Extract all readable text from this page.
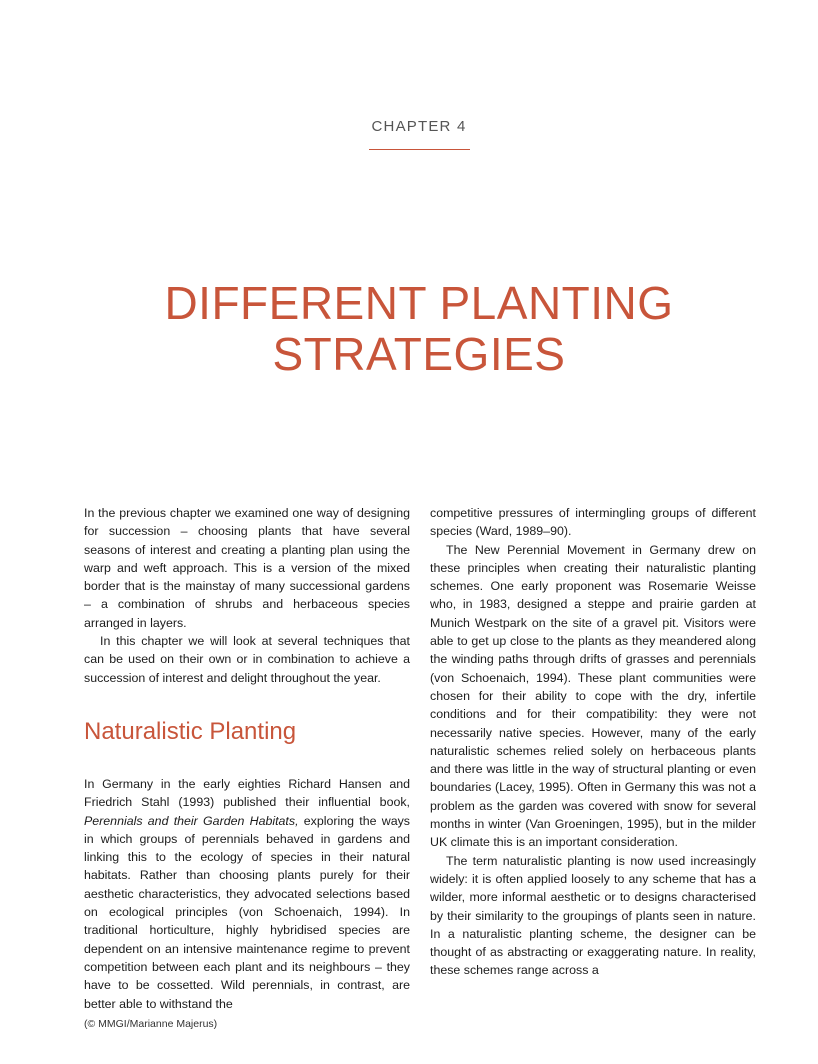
CHAPTER 4
DIFFERENT PLANTING
STRATEGIES

In the previous chapter we examined one way of designing for succession – choosing plants that have several seasons of interest and creating a planting plan using the warp and weft approach. This is a version of the mixed border that is the mainstay of many successional gardens – a combination of shrubs and herbaceous species arranged in layers.

In this chapter we will look at several techniques that can be used on their own or in combination to achieve a succession of interest and delight throughout the year.

Naturalistic Planting

In Germany in the early eighties Richard Hansen and Friedrich Stahl (1993) published their influential book, Perennials and their Garden Habitats, exploring the ways in which groups of perennials behaved in gardens and linking this to the ecology of species in their natural habitats. Rather than choosing plants purely for their aesthetic characteristics, they advocated selections based on ecological principles (von Schoenaich, 1994). In traditional horticulture, highly hybridised species are dependent on an intensive maintenance regime to prevent competition between each plant and its neighbours – they have to be cossetted. Wild perennials, in contrast, are better able to withstand the

competitive pressures of intermingling groups of different species (Ward, 1989–90).

The New Perennial Movement in Germany drew on these principles when creating their naturalistic planting schemes. One early proponent was Rosemarie Weisse who, in 1983, designed a steppe and prairie garden at Munich Westpark on the site of a gravel pit. Visitors were able to get up close to the plants as they meandered along the winding paths through drifts of grasses and perennials (von Schoenaich, 1994). These plant communities were chosen for their ability to cope with the dry, infertile conditions and for their compatibility: they were not necessarily native species. However, many of the early naturalistic schemes relied solely on herbaceous plants and there was little in the way of structural planting or even boundaries (Lacey, 1995). Often in Germany this was not a problem as the garden was covered with snow for several months in winter (Van Groeningen, 1995), but in the milder UK climate this is an important consideration.

The term naturalistic planting is now used increasingly widely: it is often applied loosely to any scheme that has a wilder, more informal aesthetic or to designs characterised by their similarity to the groupings of plants seen in nature. In a naturalistic planting scheme, the designer can be thought of as abstracting or exaggerating nature. In reality, these schemes range across a

(© MMGI/Marianne Majerus)
